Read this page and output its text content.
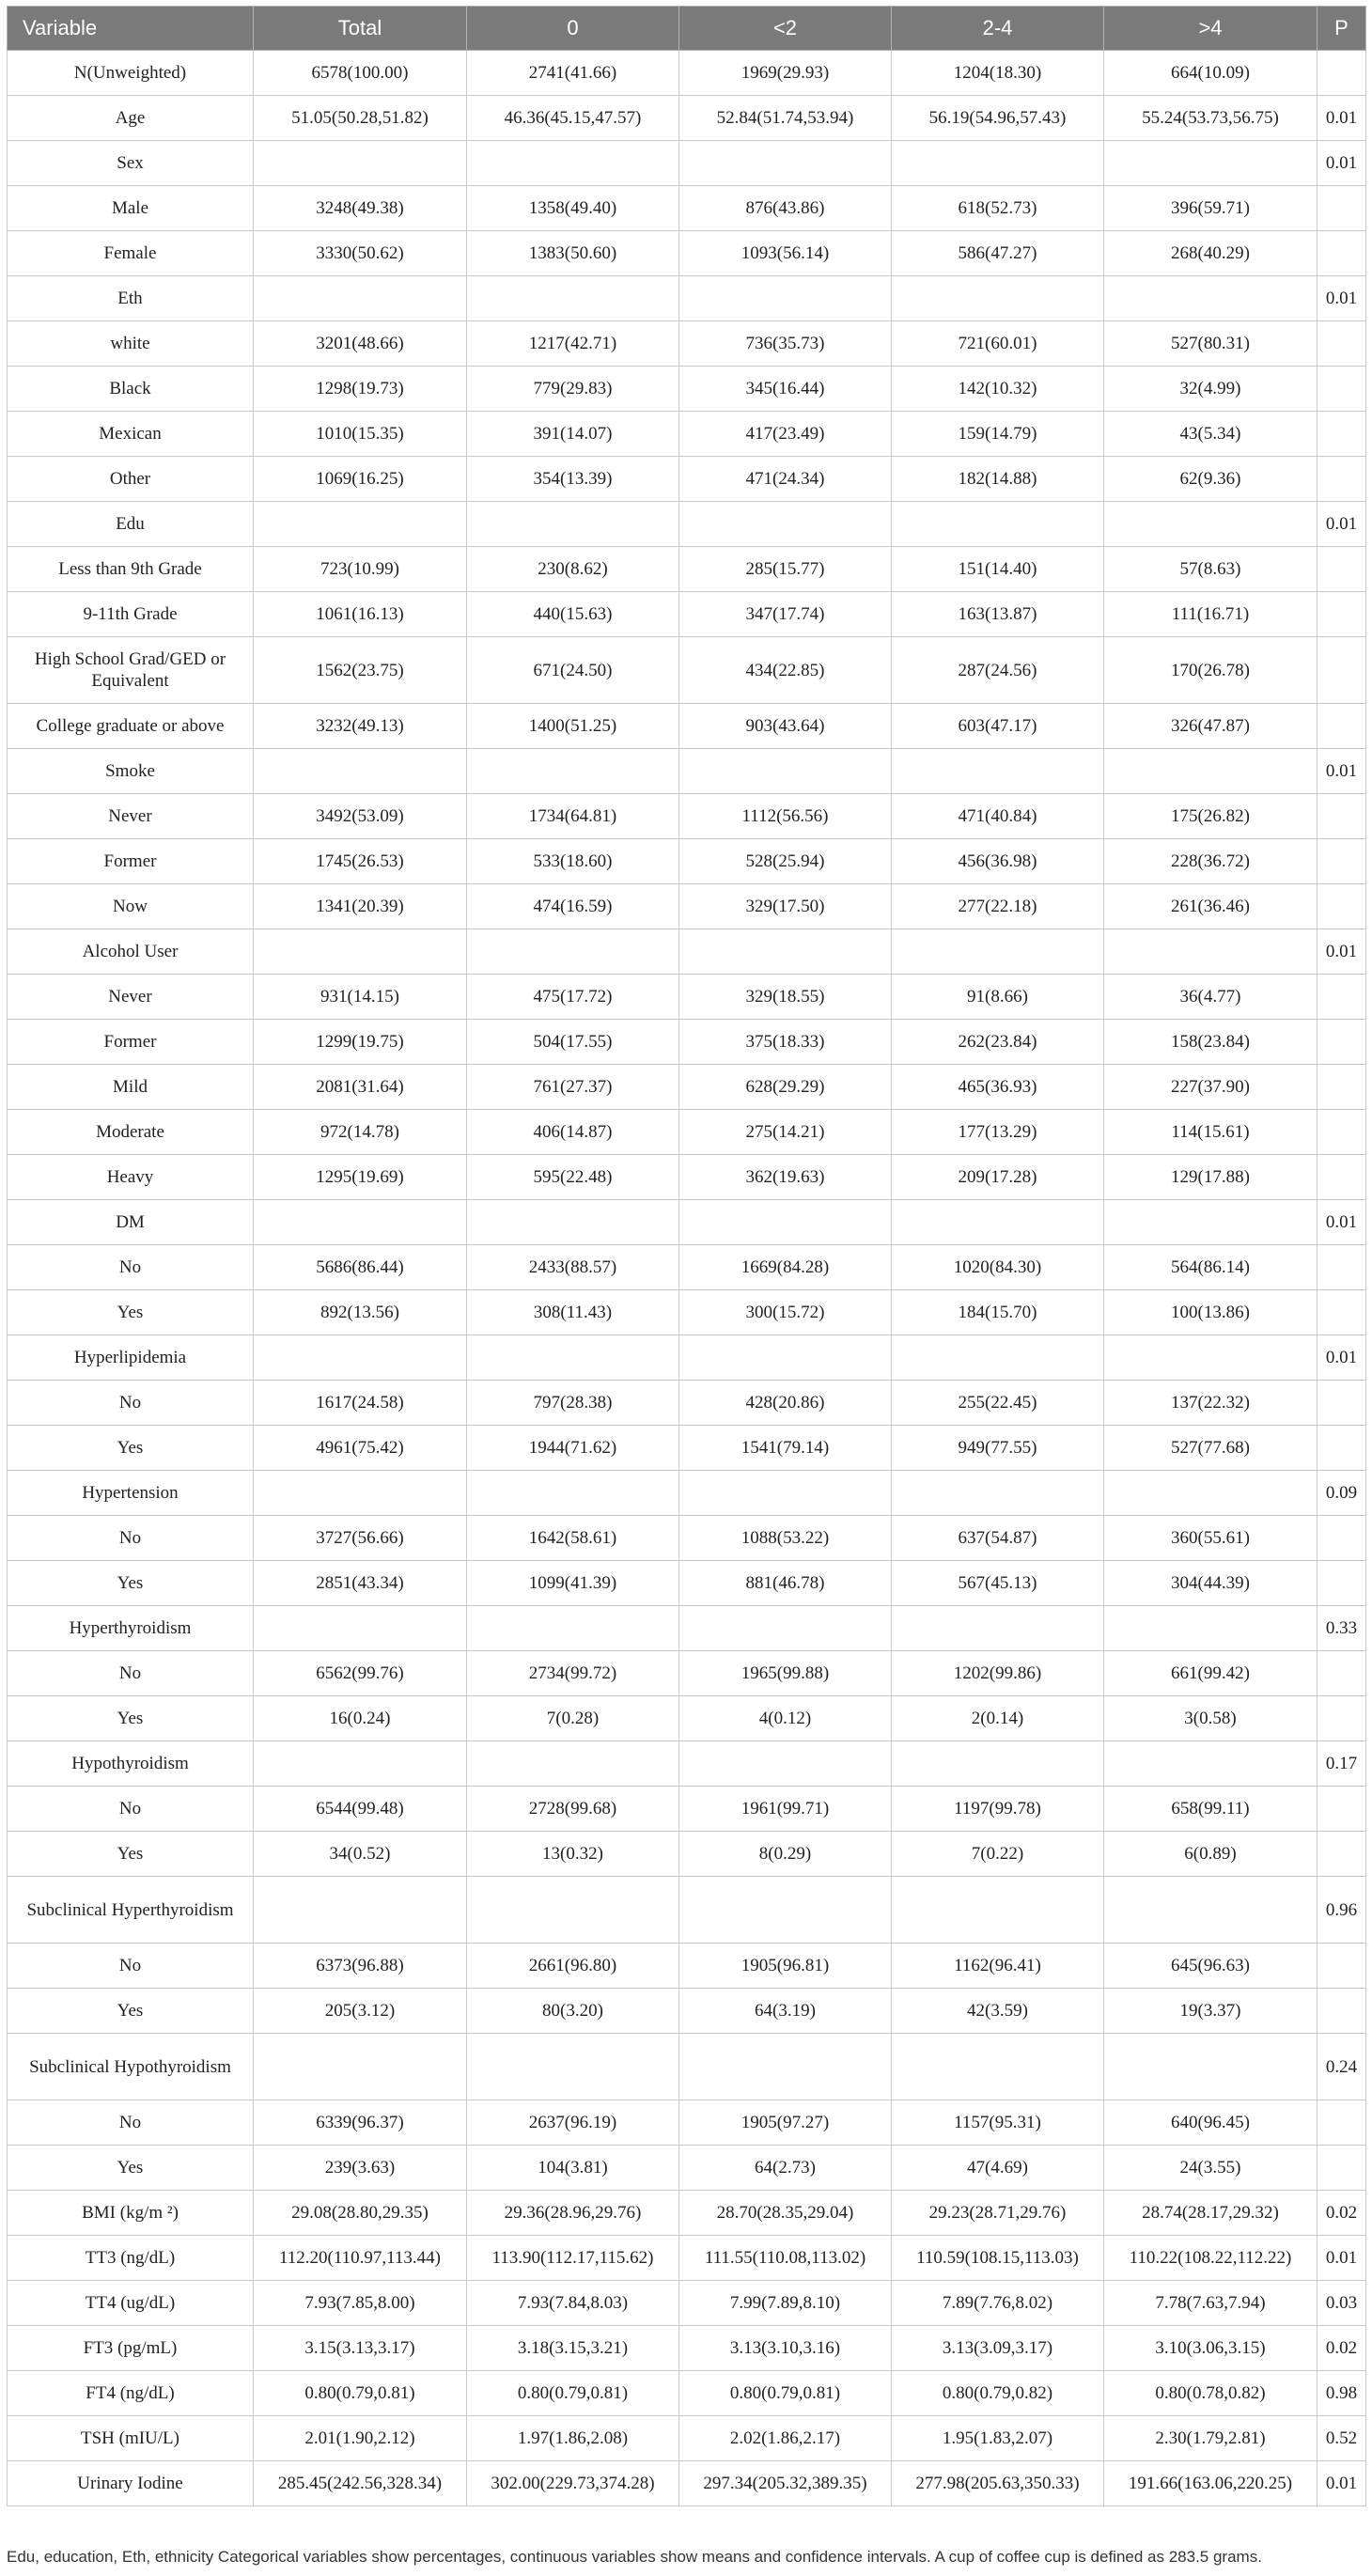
Variable	Total	0	<2	2-4	>4	P
N(Unweighted)	6578(100.00)	2741(41.66)	1969(29.93)	1204(18.30)	664(10.09)	
Age	51.05(50.28,51.82)	46.36(45.15,47.57)	52.84(51.74,53.94)	56.19(54.96,57.43)	55.24(53.73,56.75)	0.01
Sex						0.01
Male	3248(49.38)	1358(49.40)	876(43.86)	618(52.73)	396(59.71)	
Female	3330(50.62)	1383(50.60)	1093(56.14)	586(47.27)	268(40.29)	
Eth						0.01
white	3201(48.66)	1217(42.71)	736(35.73)	721(60.01)	527(80.31)	
Black	1298(19.73)	779(29.83)	345(16.44)	142(10.32)	32(4.99)	
Mexican	1010(15.35)	391(14.07)	417(23.49)	159(14.79)	43(5.34)	
Other	1069(16.25)	354(13.39)	471(24.34)	182(14.88)	62(9.36)	
Edu						0.01
Less than 9th Grade	723(10.99)	230(8.62)	285(15.77)	151(14.40)	57(8.63)	
9-11th Grade	1061(16.13)	440(15.63)	347(17.74)	163(13.87)	111(16.71)	
High School Grad/GED or Equivalent	1562(23.75)	671(24.50)	434(22.85)	287(24.56)	170(26.78)	
College graduate or above	3232(49.13)	1400(51.25)	903(43.64)	603(47.17)	326(47.87)	
Smoke						0.01
Never	3492(53.09)	1734(64.81)	1112(56.56)	471(40.84)	175(26.82)	
Former	1745(26.53)	533(18.60)	528(25.94)	456(36.98)	228(36.72)	
Now	1341(20.39)	474(16.59)	329(17.50)	277(22.18)	261(36.46)	
Alcohol User						0.01
Never	931(14.15)	475(17.72)	329(18.55)	91(8.66)	36(4.77)	
Former	1299(19.75)	504(17.55)	375(18.33)	262(23.84)	158(23.84)	
Mild	2081(31.64)	761(27.37)	628(29.29)	465(36.93)	227(37.90)	
Moderate	972(14.78)	406(14.87)	275(14.21)	177(13.29)	114(15.61)	
Heavy	1295(19.69)	595(22.48)	362(19.63)	209(17.28)	129(17.88)	
DM						0.01
No	5686(86.44)	2433(88.57)	1669(84.28)	1020(84.30)	564(86.14)	
Yes	892(13.56)	308(11.43)	300(15.72)	184(15.70)	100(13.86)	
Hyperlipidemia						0.01
No	1617(24.58)	797(28.38)	428(20.86)	255(22.45)	137(22.32)	
Yes	4961(75.42)	1944(71.62)	1541(79.14)	949(77.55)	527(77.68)	
Hypertension						0.09
No	3727(56.66)	1642(58.61)	1088(53.22)	637(54.87)	360(55.61)	
Yes	2851(43.34)	1099(41.39)	881(46.78)	567(45.13)	304(44.39)	
Hyperthyroidism						0.33
No	6562(99.76)	2734(99.72)	1965(99.88)	1202(99.86)	661(99.42)	
Yes	16(0.24)	7(0.28)	4(0.12)	2(0.14)	3(0.58)	
Hypothyroidism						0.17
No	6544(99.48)	2728(99.68)	1961(99.71)	1197(99.78)	658(99.11)	
Yes	34(0.52)	13(0.32)	8(0.29)	7(0.22)	6(0.89)	
Subclinical Hyperthyroidism						0.96
No	6373(96.88)	2661(96.80)	1905(96.81)	1162(96.41)	645(96.63)	
Yes	205(3.12)	80(3.20)	64(3.19)	42(3.59)	19(3.37)	
Subclinical Hypothyroidism						0.24
No	6339(96.37)	2637(96.19)	1905(97.27)	1157(95.31)	640(96.45)	
Yes	239(3.63)	104(3.81)	64(2.73)	47(4.69)	24(3.55)	
BMI (kg/m ²)	29.08(28.80,29.35)	29.36(28.96,29.76)	28.70(28.35,29.04)	29.23(28.71,29.76)	28.74(28.17,29.32)	0.02
TT3 (ng/dL)	112.20(110.97,113.44)	113.90(112.17,115.62)	111.55(110.08,113.02)	110.59(108.15,113.03)	110.22(108.22,112.22)	0.01
TT4 (ug/dL)	7.93(7.85,8.00)	7.93(7.84,8.03)	7.99(7.89,8.10)	7.89(7.76,8.02)	7.78(7.63,7.94)	0.03
FT3 (pg/mL)	3.15(3.13,3.17)	3.18(3.15,3.21)	3.13(3.10,3.16)	3.13(3.09,3.17)	3.10(3.06,3.15)	0.02
FT4 (ng/dL)	0.80(0.79,0.81)	0.80(0.79,0.81)	0.80(0.79,0.81)	0.80(0.79,0.82)	0.80(0.78,0.82)	0.98
TSH (mIU/L)	2.01(1.90,2.12)	1.97(1.86,2.08)	2.02(1.86,2.17)	1.95(1.83,2.07)	2.30(1.79,2.81)	0.52
Urinary Iodine	285.45(242.56,328.34)	302.00(229.73,374.28)	297.34(205.32,389.35)	277.98(205.63,350.33)	191.66(163.06,220.25)	0.01
Edu, education, Eth, ethnicity Categorical variables show percentages, continuous variables show means and confidence intervals. A cup of coffee cup is defined as 283.5 grams.
